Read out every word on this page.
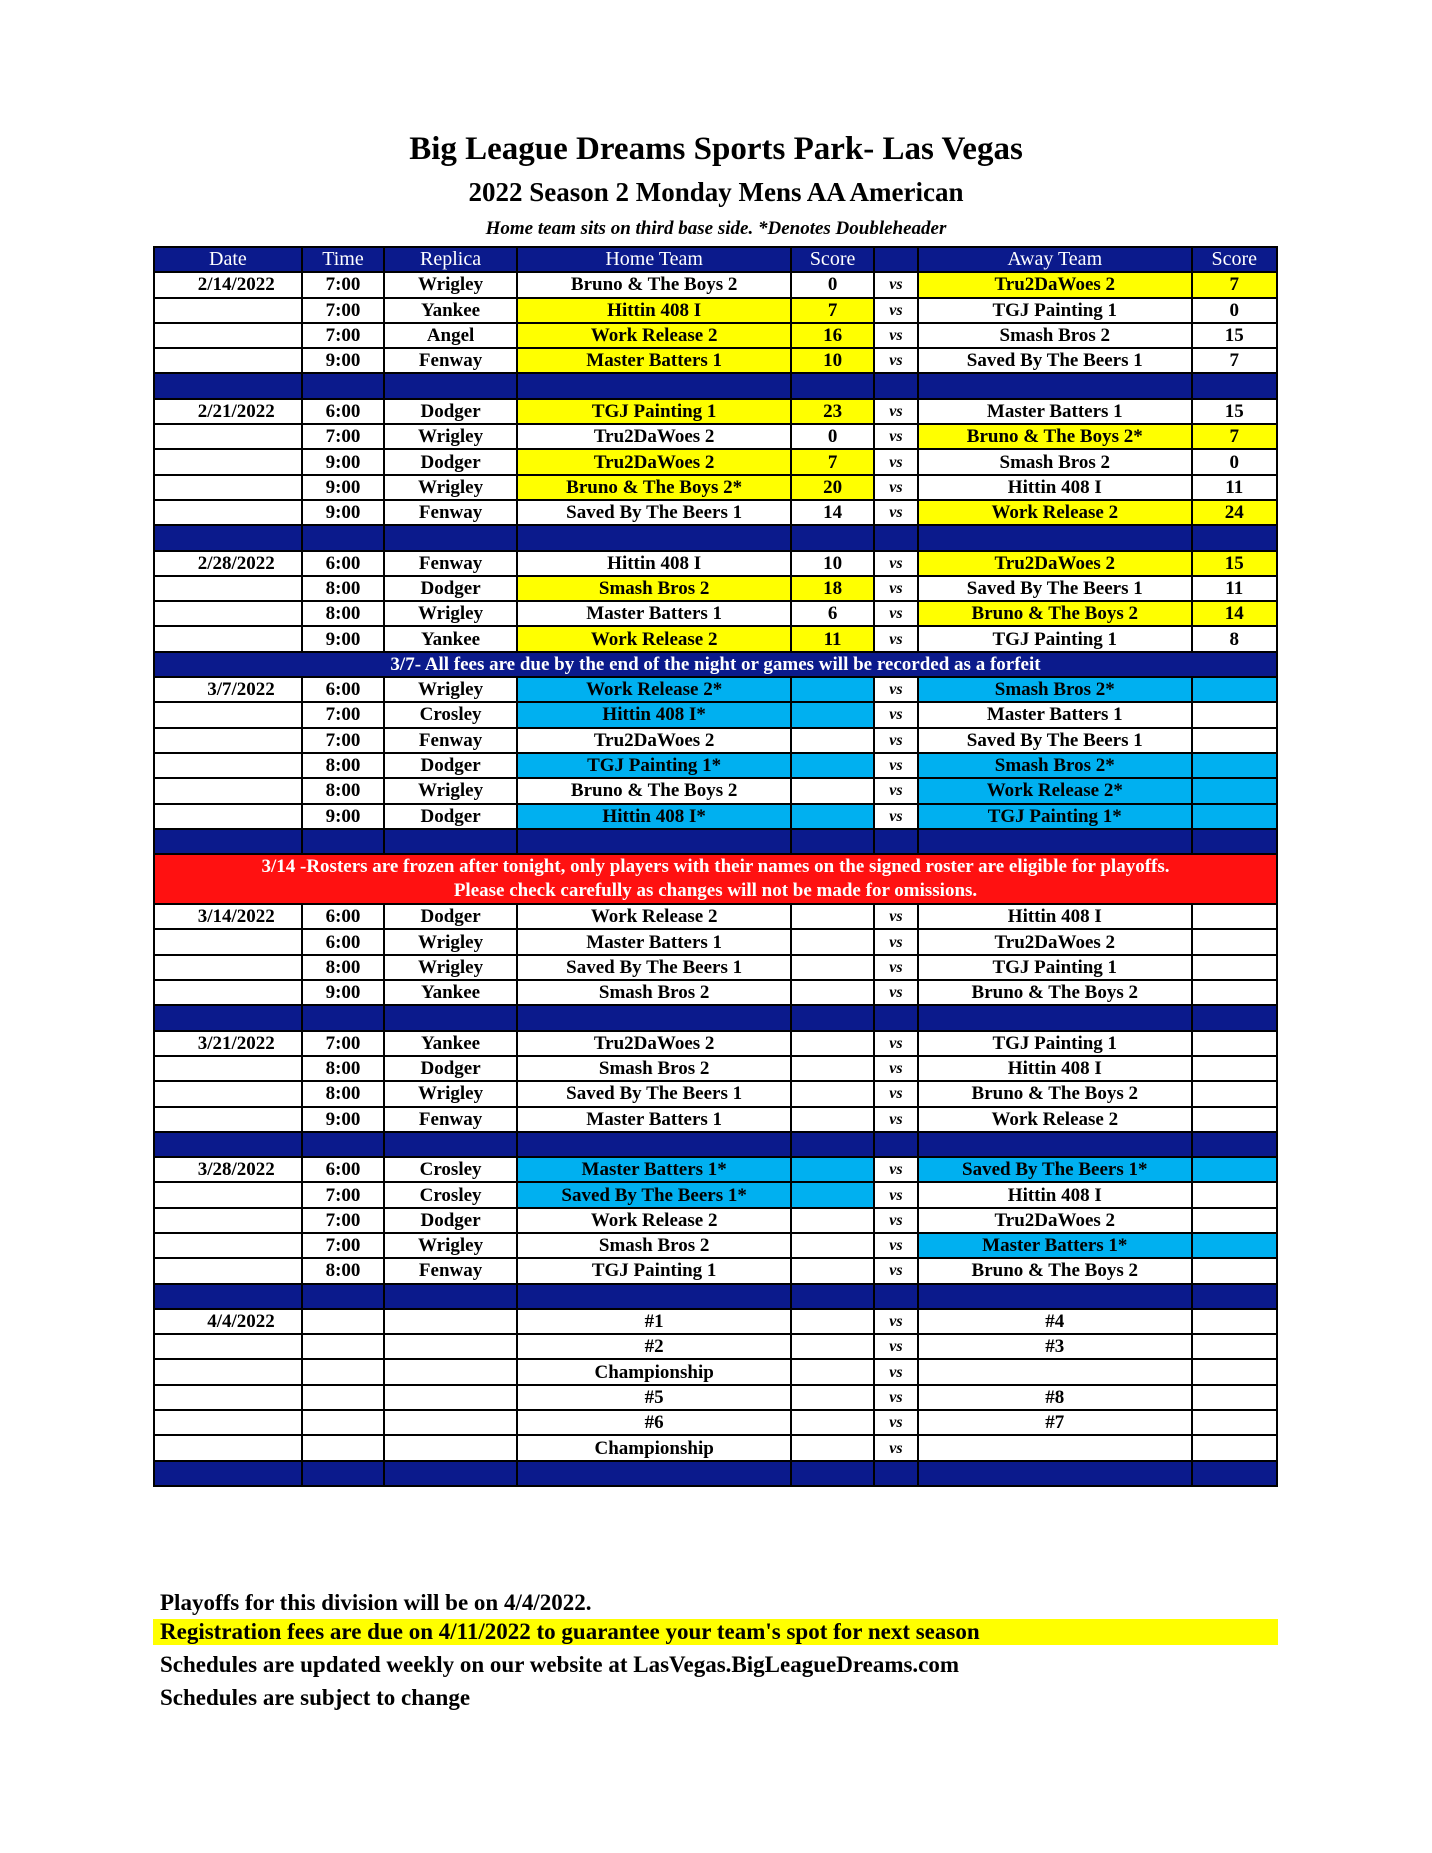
Big League Dreams Sports Park- Las Vegas
2022 Season 2 Monday Mens AA American
Home team sits on third base side. *Denotes Doubleheader
Date	Time	Replica	Home Team	Score		Away Team	Score
2/14/2022	7:00	Wrigley	Bruno & The Boys 2	0	vs	Tru2DaWoes 2	7
	7:00	Yankee	Hittin 408 I	7	vs	TGJ Painting 1	0
	7:00	Angel	Work Release 2	16	vs	Smash Bros 2	15
	9:00	Fenway	Master Batters 1	10	vs	Saved By The Beers 1	7

2/21/2022	6:00	Dodger	TGJ Painting 1	23	vs	Master Batters 1	15
	7:00	Wrigley	Tru2DaWoes 2	0	vs	Bruno & The Boys 2*	7
	9:00	Dodger	Tru2DaWoes 2	7	vs	Smash Bros 2	0
	9:00	Wrigley	Bruno & The Boys 2*	20	vs	Hittin 408 I	11
	9:00	Fenway	Saved By The Beers 1	14	vs	Work Release 2	24

2/28/2022	6:00	Fenway	Hittin 408 I	10	vs	Tru2DaWoes 2	15
	8:00	Dodger	Smash Bros 2	18	vs	Saved By The Beers 1	11
	8:00	Wrigley	Master Batters 1	6	vs	Bruno & The Boys 2	14
	9:00	Yankee	Work Release 2	11	vs	TGJ Painting 1	8
3/7- All fees are due by the end of the night or games will be recorded as a forfeit							
3/7/2022	6:00	Wrigley	Work Release 2*		vs	Smash Bros 2*	
	7:00	Crosley	Hittin 408 I*		vs	Master Batters 1	
	7:00	Fenway	Tru2DaWoes 2		vs	Saved By The Beers 1	
	8:00	Dodger	TGJ Painting 1*		vs	Smash Bros 2*	
	8:00	Wrigley	Bruno & The Boys 2		vs	Work Release 2*	
	9:00	Dodger	Hittin 408 I*		vs	TGJ Painting 1*	

3/14 -Rosters are frozen after tonight, only players with their names on the signed roster are eligible for playoffs.
Please check carefully as changes will not be made for omissions.							

3/14/2022	6:00	Dodger	Work Release 2		vs	Hittin 408 I	
	6:00	Wrigley	Master Batters 1		vs	Tru2DaWoes 2	
	8:00	Wrigley	Saved By The Beers 1		vs	TGJ Painting 1	
	9:00	Yankee	Smash Bros 2		vs	Bruno & The Boys 2	

3/21/2022	7:00	Yankee	Tru2DaWoes 2		vs	TGJ Painting 1	
	8:00	Dodger	Smash Bros 2		vs	Hittin 408 I	
	8:00	Wrigley	Saved By The Beers 1		vs	Bruno & The Boys 2	
	9:00	Fenway	Master Batters 1		vs	Work Release 2	

3/28/2022	6:00	Crosley	Master Batters 1*		vs	Saved By The Beers 1*	
	7:00	Crosley	Saved By The Beers 1*		vs	Hittin 408 I	
	7:00	Dodger	Work Release 2		vs	Tru2DaWoes 2	
	7:00	Wrigley	Smash Bros 2		vs	Master Batters 1*	
	8:00	Fenway	TGJ Painting 1		vs	Bruno & The Boys 2	

4/4/2022			#1		vs	#4	
			#2		vs	#3	
			Championship		vs		
			#5		vs	#8	
			#6		vs	#7	
			Championship		vs		

Playoffs for this division will be on 4/4/2022.
Registration fees are due on 4/11/2022 to guarantee your team's spot for next season
Schedules are updated weekly on our website at LasVegas.BigLeagueDreams.com
Schedules are subject to change
